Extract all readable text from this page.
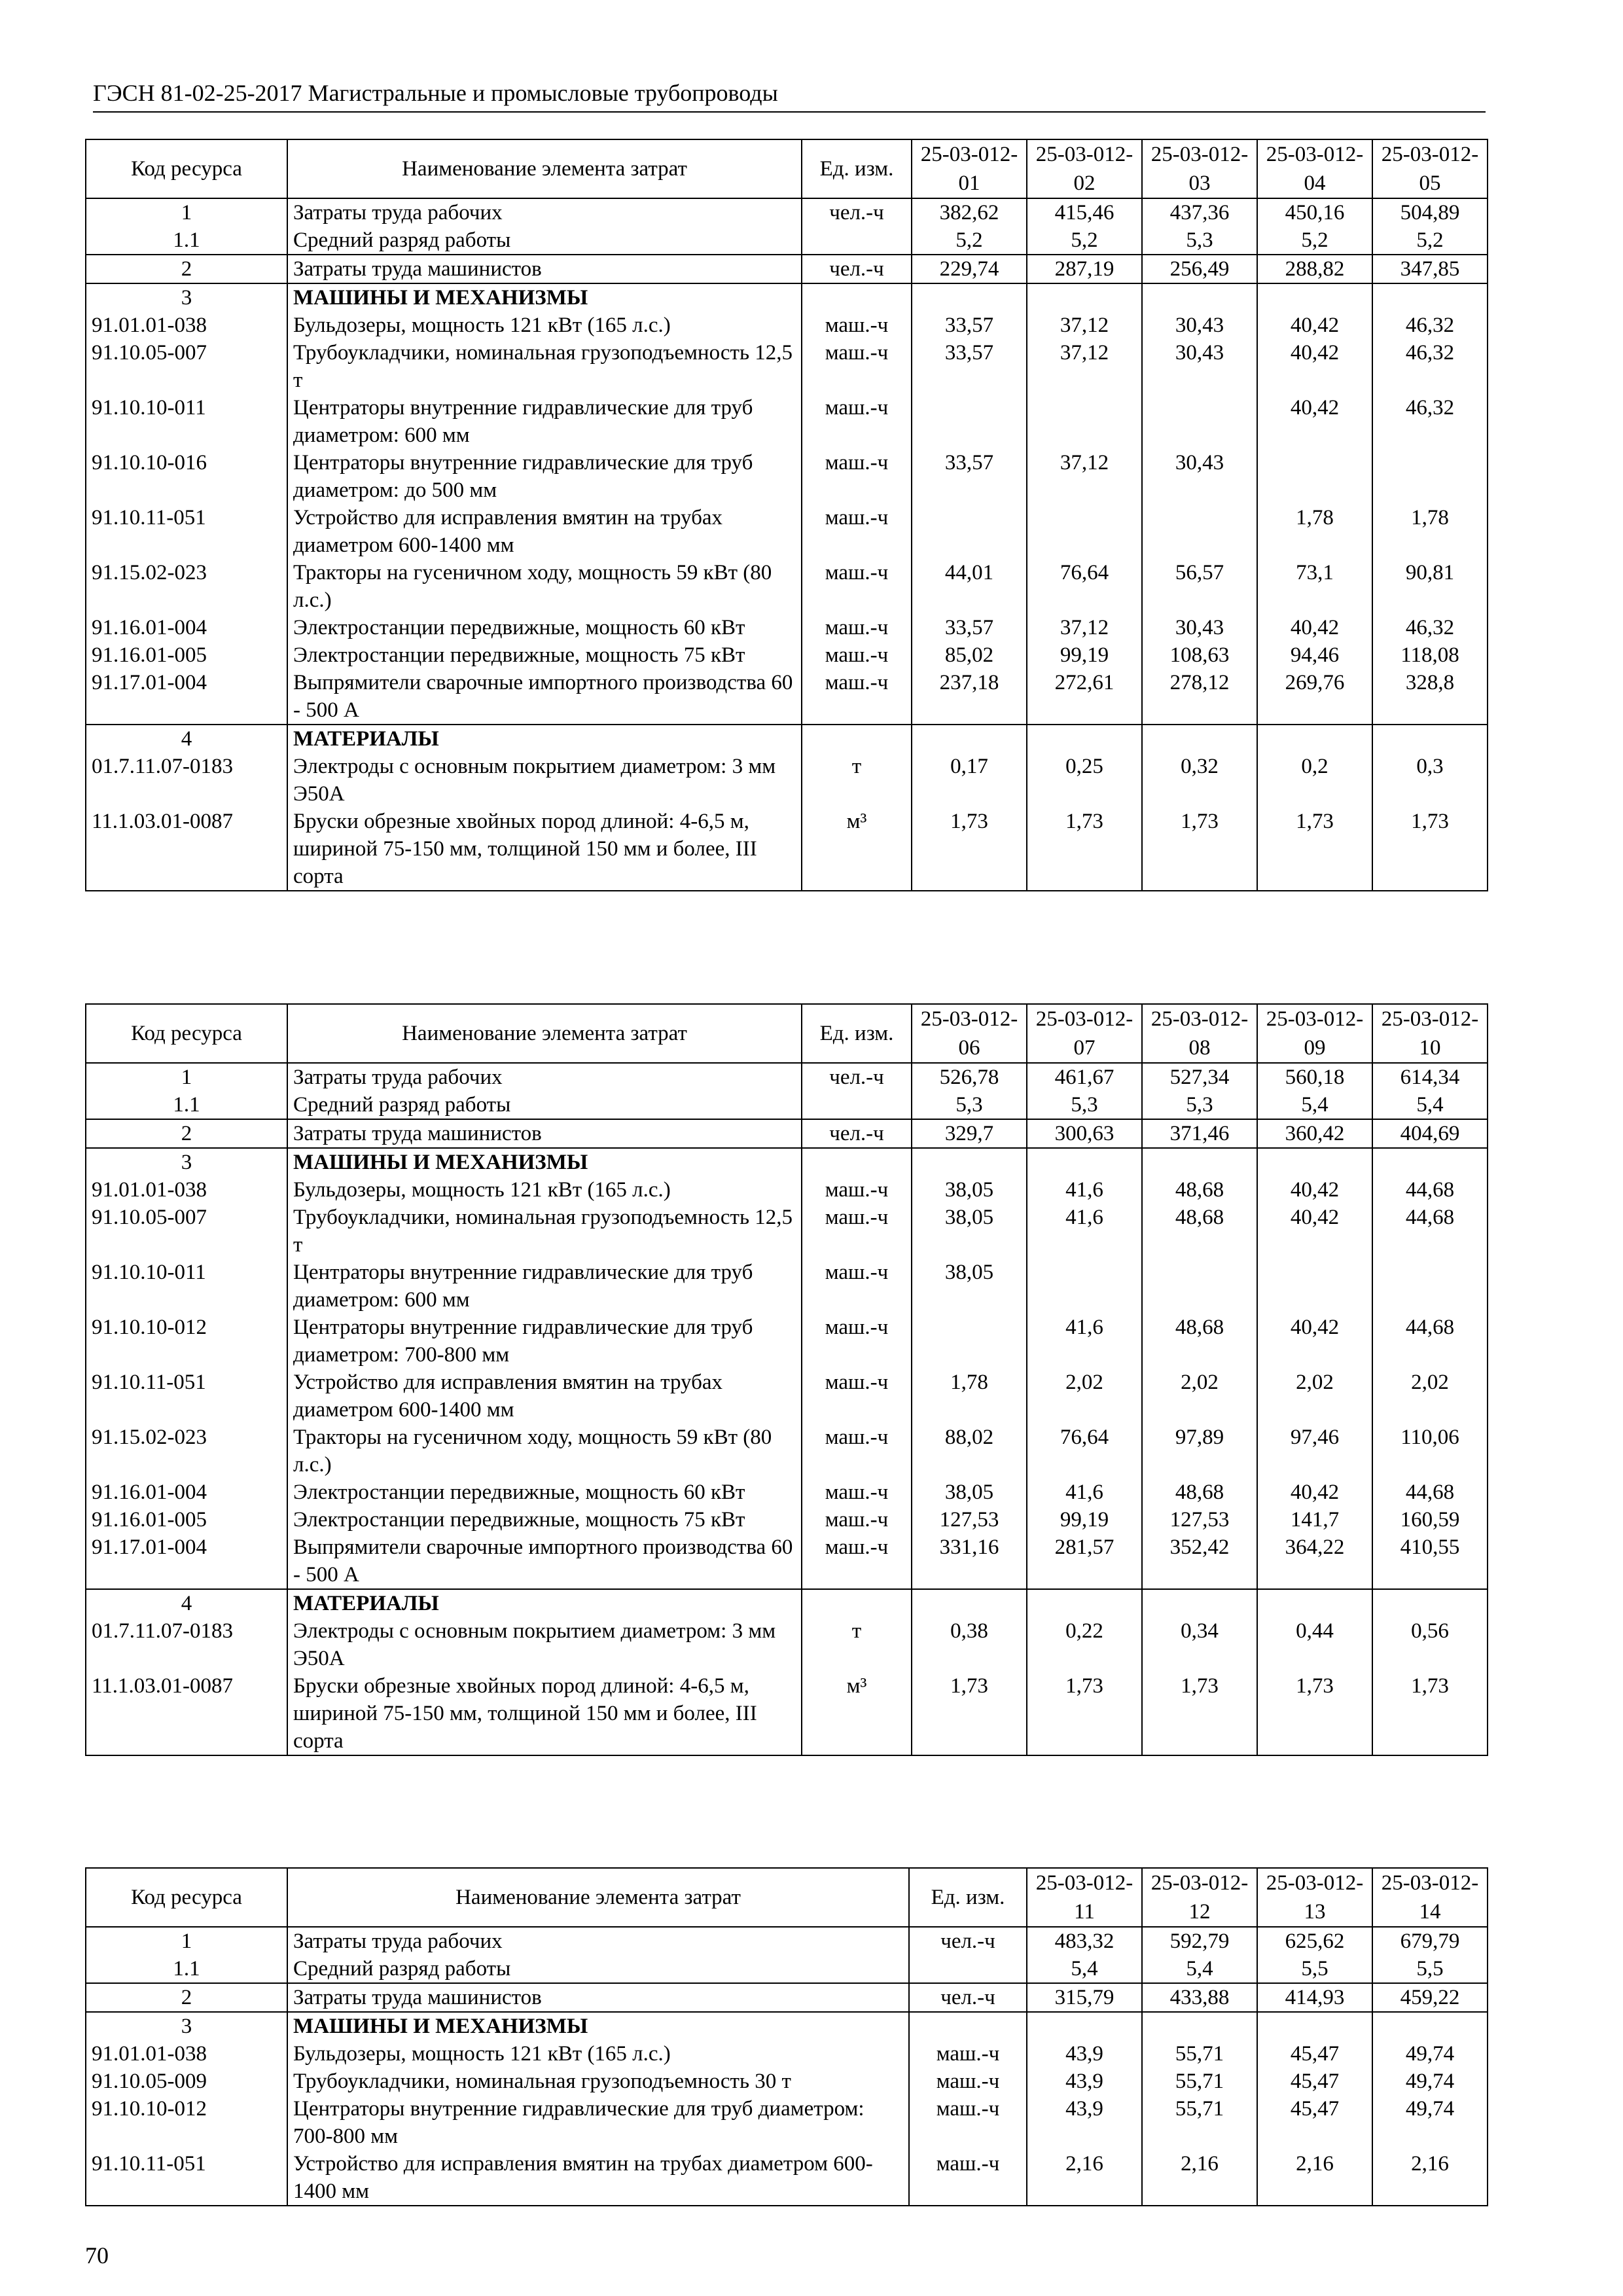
ГЭСН 81-02-25-2017 Магистральные и промысловые трубопроводы
Код ресурса	Наименование элемента затрат	Ед. изм.	25-03-012-01	25-03-012-02	25-03-012-03	25-03-012-04	25-03-012-05
1	Затраты труда рабочих	чел.-ч	382,62	415,46	437,36	450,16	504,89
1.1	Средний разряд работы		5,2	5,2	5,3	5,2	5,2
2	Затраты труда машинистов	чел.-ч	229,74	287,19	256,49	288,82	347,85
3	МАШИНЫ И МЕХАНИЗМЫ						
91.01.01-038	Бульдозеры, мощность 121 кВт (165 л.с.)	маш.-ч	33,57	37,12	30,43	40,42	46,32
91.10.05-007	Трубоукладчики, номинальная грузоподъемность 12,5 т	маш.-ч	33,57	37,12	30,43	40,42	46,32
91.10.10-011	Центраторы внутренние гидравлические для труб диаметром: 600 мм	маш.-ч				40,42	46,32
91.10.10-016	Центраторы внутренние гидравлические для труб диаметром: до 500 мм	маш.-ч	33,57	37,12	30,43		
91.10.11-051	Устройство для исправления вмятин на трубах диаметром 600-1400 мм	маш.-ч				1,78	1,78
91.15.02-023	Тракторы на гусеничном ходу, мощность 59 кВт (80 л.с.)	маш.-ч	44,01	76,64	56,57	73,1	90,81
91.16.01-004	Электростанции передвижные, мощность 60 кВт	маш.-ч	33,57	37,12	30,43	40,42	46,32
91.16.01-005	Электростанции передвижные, мощность 75 кВт	маш.-ч	85,02	99,19	108,63	94,46	118,08
91.17.01-004	Выпрямители сварочные импортного производства 60 - 500 А	маш.-ч	237,18	272,61	278,12	269,76	328,8
4	МАТЕРИАЛЫ						
01.7.11.07-0183	Электроды с основным покрытием диаметром: 3 мм Э50А	т	0,17	0,25	0,32	0,2	0,3
11.1.03.01-0087	Бруски обрезные хвойных пород длиной: 4-6,5 м, шириной 75-150 мм, толщиной 150 мм и более, III сорта	м³	1,73	1,73	1,73	1,73	1,73
Код ресурса	Наименование элемента затрат	Ед. изм.	25-03-012-06	25-03-012-07	25-03-012-08	25-03-012-09	25-03-012-10
1	Затраты труда рабочих	чел.-ч	526,78	461,67	527,34	560,18	614,34
1.1	Средний разряд работы		5,3	5,3	5,3	5,4	5,4
2	Затраты труда машинистов	чел.-ч	329,7	300,63	371,46	360,42	404,69
3	МАШИНЫ И МЕХАНИЗМЫ						
91.01.01-038	Бульдозеры, мощность 121 кВт (165 л.с.)	маш.-ч	38,05	41,6	48,68	40,42	44,68
91.10.05-007	Трубоукладчики, номинальная грузоподъемность 12,5 т	маш.-ч	38,05	41,6	48,68	40,42	44,68
91.10.10-011	Центраторы внутренние гидравлические для труб диаметром: 600 мм	маш.-ч	38,05				
91.10.10-012	Центраторы внутренние гидравлические для труб диаметром: 700-800 мм	маш.-ч		41,6	48,68	40,42	44,68
91.10.11-051	Устройство для исправления вмятин на трубах диаметром 600-1400 мм	маш.-ч	1,78	2,02	2,02	2,02	2,02
91.15.02-023	Тракторы на гусеничном ходу, мощность 59 кВт (80 л.с.)	маш.-ч	88,02	76,64	97,89	97,46	110,06
91.16.01-004	Электростанции передвижные, мощность 60 кВт	маш.-ч	38,05	41,6	48,68	40,42	44,68
91.16.01-005	Электростанции передвижные, мощность 75 кВт	маш.-ч	127,53	99,19	127,53	141,7	160,59
91.17.01-004	Выпрямители сварочные импортного производства 60 - 500 А	маш.-ч	331,16	281,57	352,42	364,22	410,55
4	МАТЕРИАЛЫ						
01.7.11.07-0183	Электроды с основным покрытием диаметром: 3 мм Э50А	т	0,38	0,22	0,34	0,44	0,56
11.1.03.01-0087	Бруски обрезные хвойных пород длиной: 4-6,5 м, шириной 75-150 мм, толщиной 150 мм и более, III сорта	м³	1,73	1,73	1,73	1,73	1,73
Код ресурса	Наименование элемента затрат	Ед. изм.	25-03-012-11	25-03-012-12	25-03-012-13	25-03-012-14
1	Затраты труда рабочих	чел.-ч	483,32	592,79	625,62	679,79
1.1	Средний разряд работы		5,4	5,4	5,5	5,5
2	Затраты труда машинистов	чел.-ч	315,79	433,88	414,93	459,22
3	МАШИНЫ И МЕХАНИЗМЫ					
91.01.01-038	Бульдозеры, мощность 121 кВт (165 л.с.)	маш.-ч	43,9	55,71	45,47	49,74
91.10.05-009	Трубоукладчики, номинальная грузоподъемность 30 т	маш.-ч	43,9	55,71	45,47	49,74
91.10.10-012	Центраторы внутренние гидравлические для труб диаметром: 700-800 мм	маш.-ч	43,9	55,71	45,47	49,74
91.10.11-051	Устройство для исправления вмятин на трубах диаметром 600-1400 мм	маш.-ч	2,16	2,16	2,16	2,16
70
